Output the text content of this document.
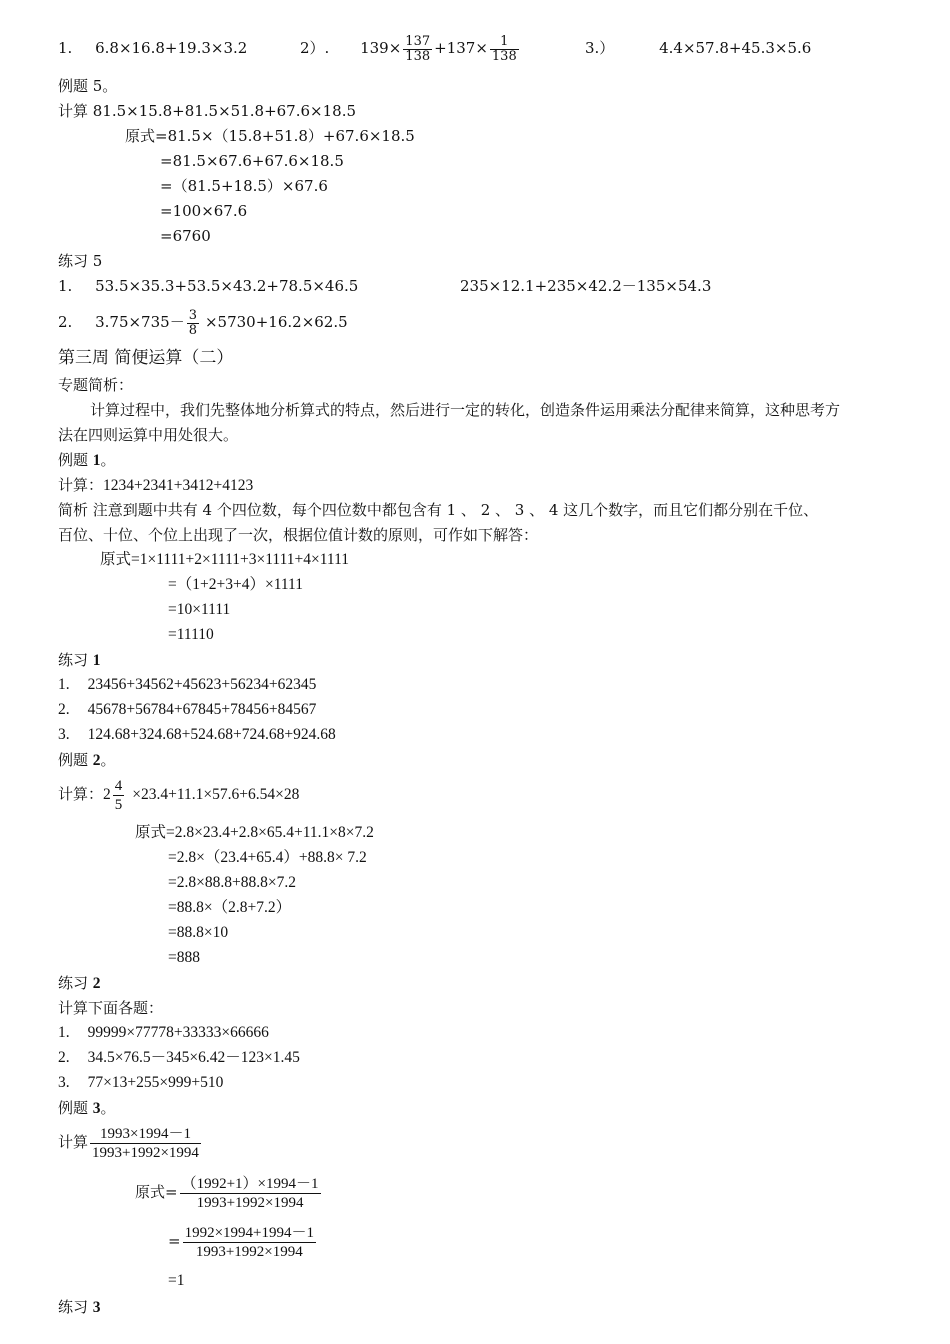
1. 6.8×16.8+19.3×3.2	2）. $139\times \frac{137}{138} +137\times \frac{1}{138}$	3.）	4.4×57.8+45.3×5.6
例题 5。
计算 81.5×15.8+81.5×51.8+67.6×18.5
原式=81.5×（15.8+51.8）+67.6×18.5
=81.5×67.6+67.6×18.5
=（81.5+18.5）×67.6
=100×67.6
=6760
练习 5
1. 53.5×35.3+53.5×43.2+78.5×46.5	235×12.1+235×42.2－135×54.3
2. $3.75\times 735- \frac{3}{8} \times 5730+16.2\times 62.5$
第三周 简便运算（二）
专题简析：
计算过程中，我们先整体地分析算式的特点，然后进行一定的转化，创造条件运用乘法分配律来简算，这种思考方
法在四则运算中用处很大。
例题 1。
计算：1234+2341+3412+4123
简析 注意到题中共有 4 个四位数，每个四位数中都包含有 1 、 2 、 3 、 4 这几个数字，而且它们都分别在千位、
百位、十位、个位上出现了一次，根据位值计数的原则，可作如下解答：
原式=1×1111+2×1111+3×1111+4×1111
=（1+2+3+4）×1111
=10×1111
=11110
练习 1
1. 23456+34562+45623+56234+62345
2. 45678+56784+67845+78456+84567
3. 124.68+324.68+524.68+724.68+924.68
例题 2。
计算：$2 \frac{4}{5} \times 23.4+11.1\times 57.6+6.54\times 28$
原式=2.8×23.4+2.8×65.4+11.1×8×7.2
=2.8×（23.4+65.4）+88.8× 7.2
=2.8×88.8+88.8×7.2
=88.8×（2.8+7.2）
=88.8×10
=888
练习 2
计算下面各题：
1. 99999×77778+33333×66666
2. 34.5×76.5－345×6.42－123×1.45
3. 77×13+255×999+510
例题 3。
计算 $\frac{1993\times 1994-1}{1993+1992\times 1994}$
原式= $\frac{(1992+1)\times 1994-1}{1993+1992\times 1994}$
= $\frac{1992\times 1994+1994-1}{1993+1992\times 1994}$
=1
练习 3
